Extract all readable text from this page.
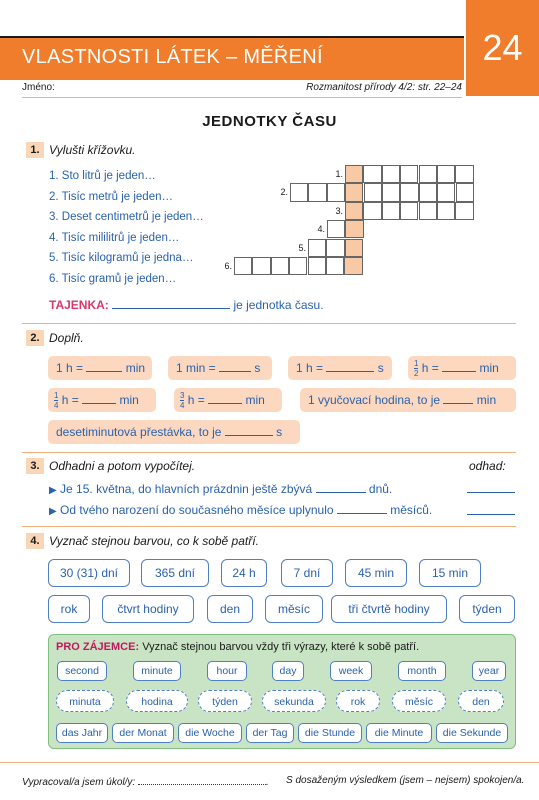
VLASTNOSTI LÁTEK – MĚŘENÍ	24
Jméno:	Rozmanitost přírody 4/2: str. 22–24
JEDNOTKY ČASU
1. Vylušti křížovku.
1. Sto litrů je jeden…
2. Tisíc metrů je jeden…
3. Deset centimetrů je jeden…
4. Tisíc mililitrů je jeden…
5. Tisíc kilogramů je jedna…
6. Tisíc gramů je jeden…
1.
2.
3.
4.
5.
6.
TAJENKA:	je jednotka času.
2. Doplň.
1 h =	min	1 min =	s	1 h =	s	$\frac{1}{2}$ h =	min
$\frac{1}{4}$ h =	min	$\frac{3}{4}$ h =	min	1 vyučovací hodina, to je	min
desetiminutová přestávka, to je	s
3. Odhadni a potom vypočítej.	odhad:
▶ Je 15. května, do hlavních prázdnin ještě zbývá	dnů.
▶ Od tvého narození do současného měsíce uplynulo	měsíců.
4. Vyznač stejnou barvou, co k sobě patří.
30 (31) dní	365 dní	24 h	7 dní	45 min	15 min
rok	čtvrt hodiny	den	měsíc	tři čtvrtě hodiny	týden
PRO ZÁJEMCE: Vyznač stejnou barvou vždy tři výrazy, které k sobě patří.
second	minute	hour	day	week	month	year
minuta	hodina	týden	sekunda	rok	měsíc	den
das Jahr	der Monat	die Woche	der Tag	die Stunde	die Minute	die Sekunde
Vypracoval/a jsem úkol/y:	. S dosaženým výsledkem (jsem – nejsem) spokojen/a.
